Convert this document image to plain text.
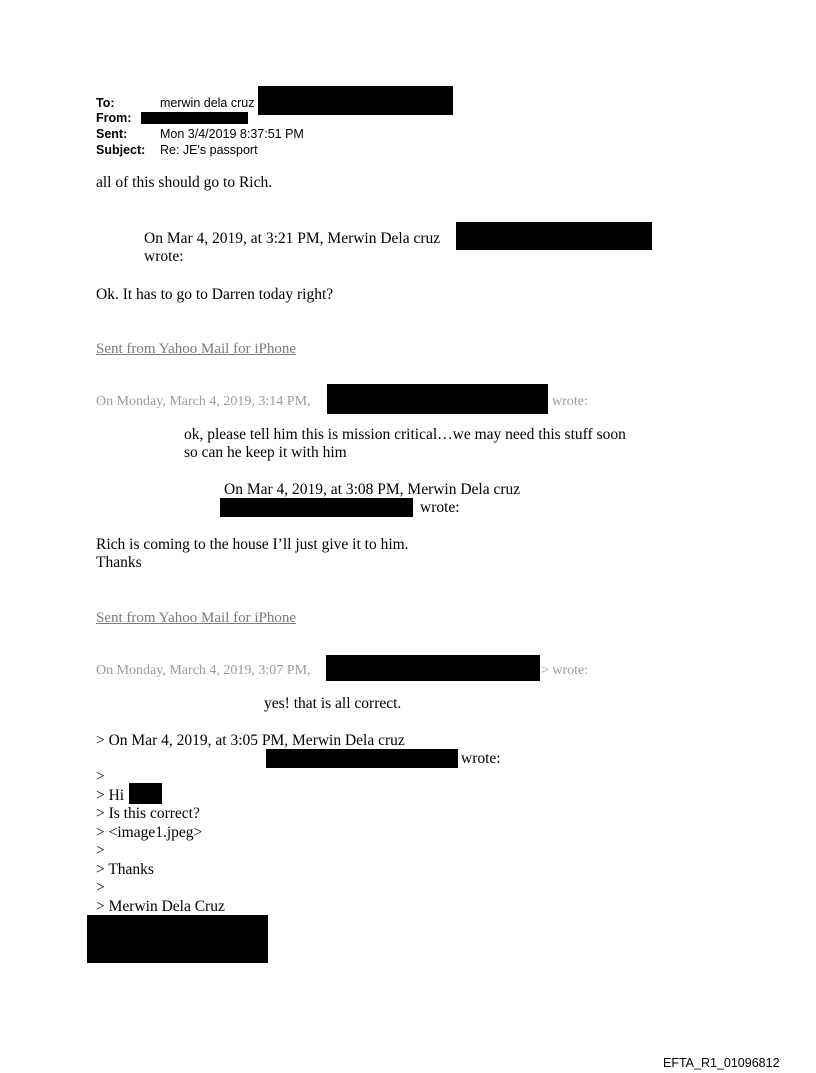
To:	merwin dela cruz
From:
Sent:	Mon 3/4/2019 8:37:51 PM
Subject: Re: JE's passport
all of this should go to Rich.
On Mar 4, 2019, at 3:21 PM, Merwin Dela cruz
wrote:
Ok. It has to go to Darren today right?
Sent from Yahoo Mail for iPhone
On Monday, March 4, 2019, 3:14 PM,	wrote:
ok, please tell him this is mission critical…we may need this stuff soon
so can he keep it with him
On Mar 4, 2019, at 3:08 PM, Merwin Dela cruz
wrote:
Rich is coming to the house I’ll just give it to him.
Thanks
Sent from Yahoo Mail for iPhone
On Monday, March 4, 2019, 3:07 PM,	> wrote:
yes! that is all correct.
> On Mar 4, 2019, at 3:05 PM, Merwin Dela cruz
wrote:
>
> Hi
> Is this correct?
> <image1.jpeg>
>
> Thanks
>
> Merwin Dela Cruz
EFTA_R1_01096812
